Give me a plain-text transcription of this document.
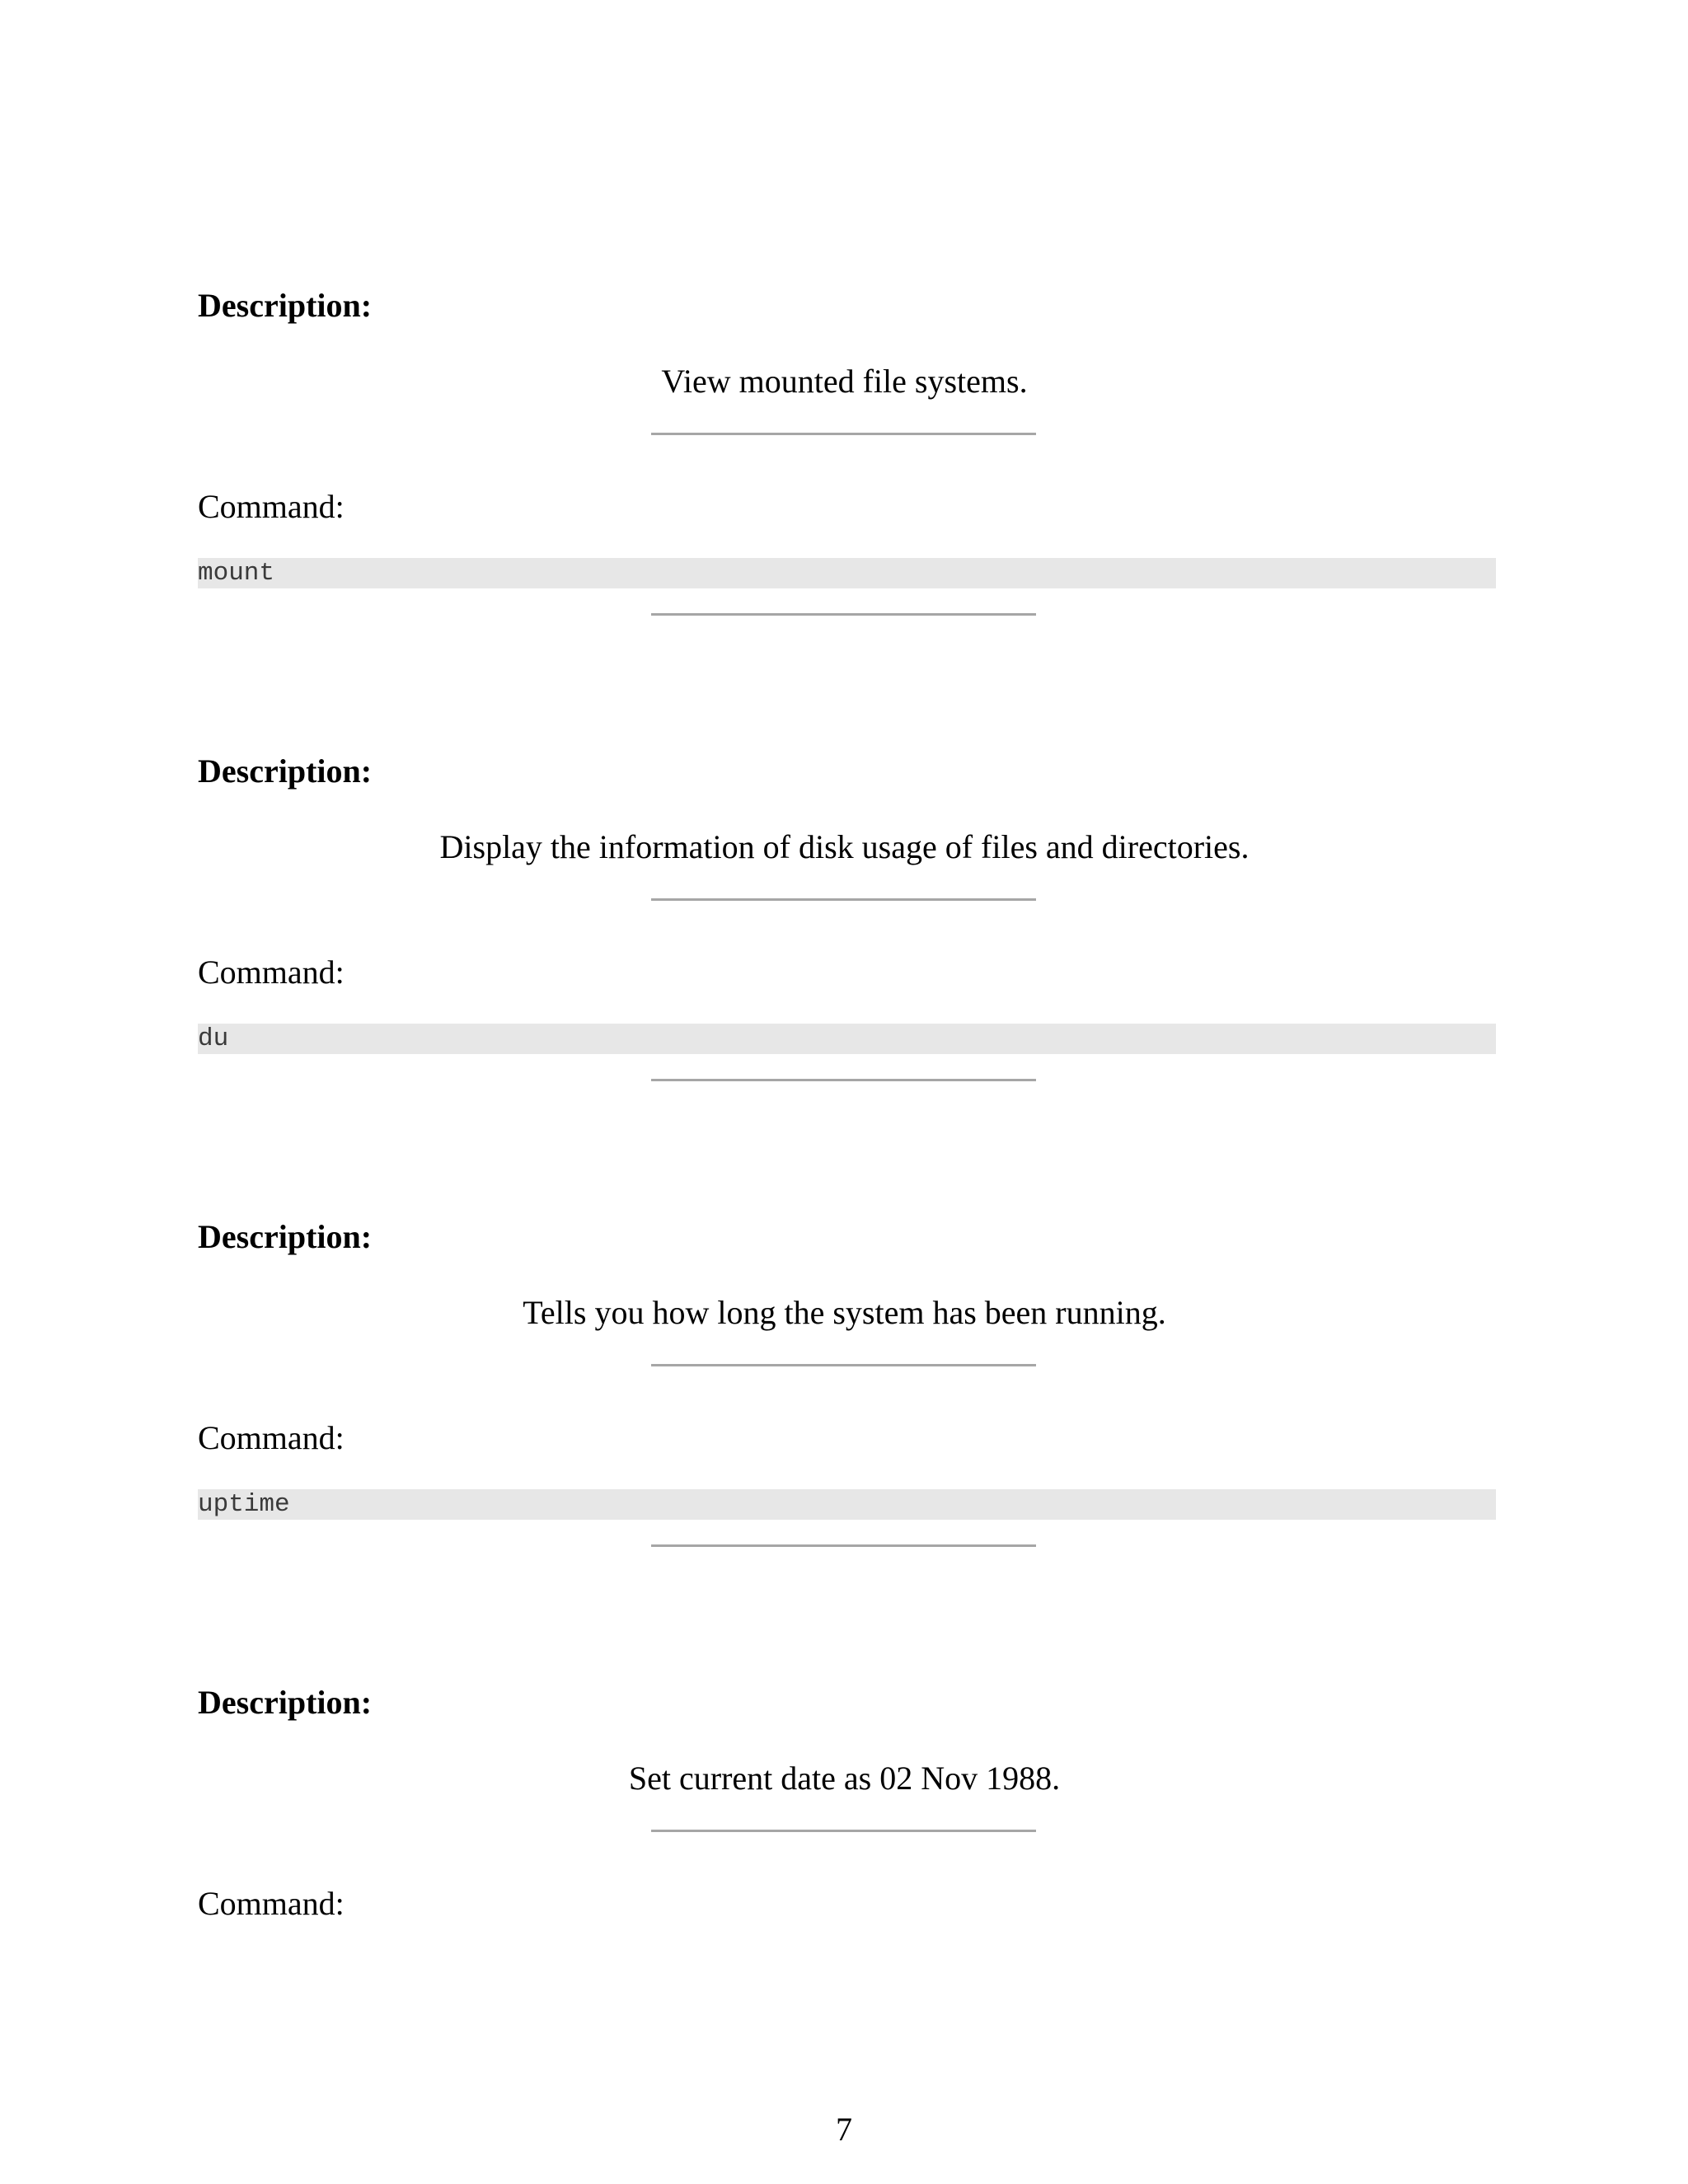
Description:
View mounted file systems.
Command:
mount
Description:
Display the information of disk usage of files and directories.
Command:
du
Description:
Tells you how long the system has been running.
Command:
uptime
Description:
Set current date as 02 Nov 1988.
Command:
7
